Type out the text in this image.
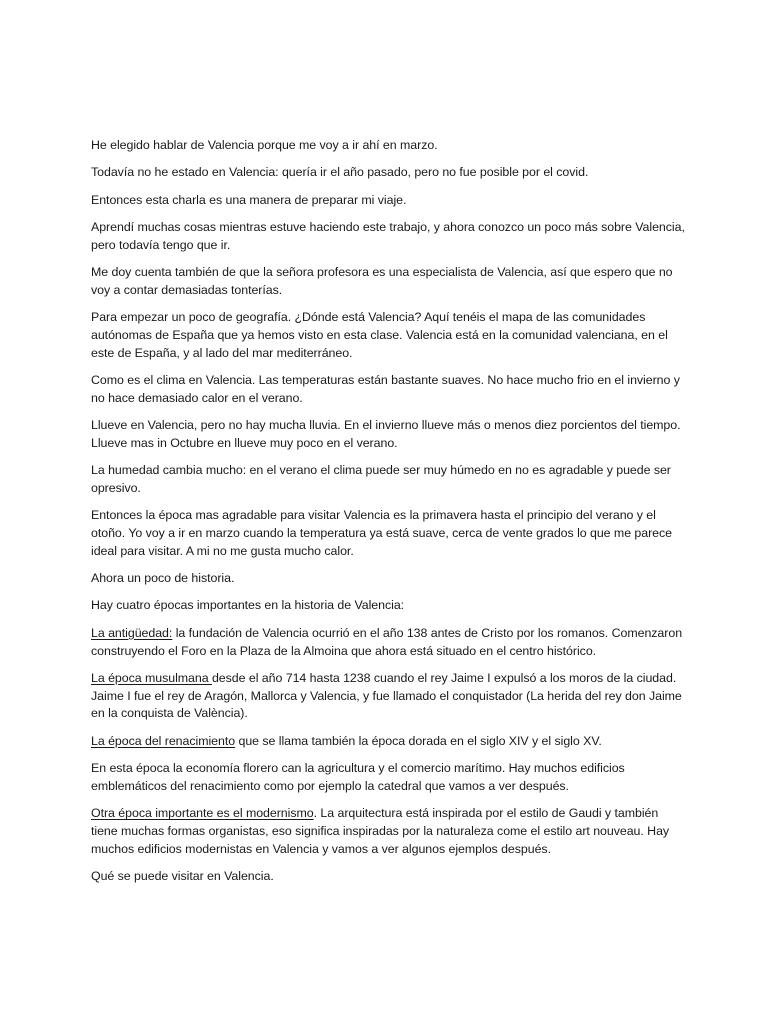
He elegido hablar de Valencia porque me voy a ir ahí en marzo.

Todavía no he estado en Valencia: quería ir el año pasado, pero no fue posible por el covid.

Entonces esta charla es una manera de preparar mi viaje.

Aprendí muchas cosas mientras estuve haciendo este trabajo, y ahora conozco un poco más sobre Valencia, pero todavía tengo que ir.

Me doy cuenta también de que la señora profesora es una especialista de Valencia, así que espero que no voy a contar demasiadas tonterías.

Para empezar un poco de geografía. ¿Dónde está Valencia? Aquí tenéis el mapa de las comunidades autónomas de España que ya hemos visto en esta clase. Valencia está en la comunidad valenciana, en el este de España, y al lado del mar mediterráneo.

Como es el clima en Valencia. Las temperaturas están bastante suaves. No hace mucho frio en el invierno y no hace demasiado calor en el verano.

Llueve en Valencia, pero no hay mucha lluvia. En el invierno llueve más o menos diez porcientos del tiempo. Llueve mas in Octubre en llueve muy poco en el verano.

La humedad cambia mucho: en el verano el clima puede ser muy húmedo en no es agradable y puede ser opresivo.

Entonces la época mas agradable para visitar Valencia es la primavera hasta el principio del verano y el otoño. Yo voy a ir en marzo cuando la temperatura ya está suave, cerca de vente grados lo que me parece ideal para visitar. A mi no me gusta mucho calor.

Ahora un poco de historia.

Hay cuatro épocas importantes en la historia de Valencia:

La antigüedad: la fundación de Valencia ocurrió en el año 138 antes de Cristo por los romanos. Comenzaron construyendo el Foro en la Plaza de la Almoina que ahora está situado en el centro histórico.

La época musulmana desde el año 714 hasta 1238 cuando el rey Jaime I expulsó a los moros de la ciudad. Jaime I fue el rey de Aragón, Mallorca y Valencia, y fue llamado el conquistador (La herida del rey don Jaime en la conquista de València).

La época del renacimiento que se llama también la época dorada en el siglo XIV y el siglo XV.

En esta época la economía florero can la agricultura y el comercio marítimo. Hay muchos edificios emblemáticos del renacimiento como por ejemplo la catedral que vamos a ver después.

Otra época importante es el modernismo. La arquitectura está inspirada por el estilo de Gaudi y también tiene muchas formas organistas, eso significa inspiradas por la naturaleza come el estilo art nouveau. Hay muchos edificios modernistas en Valencia y vamos a ver algunos ejemplos después.

Qué se puede visitar en Valencia.
